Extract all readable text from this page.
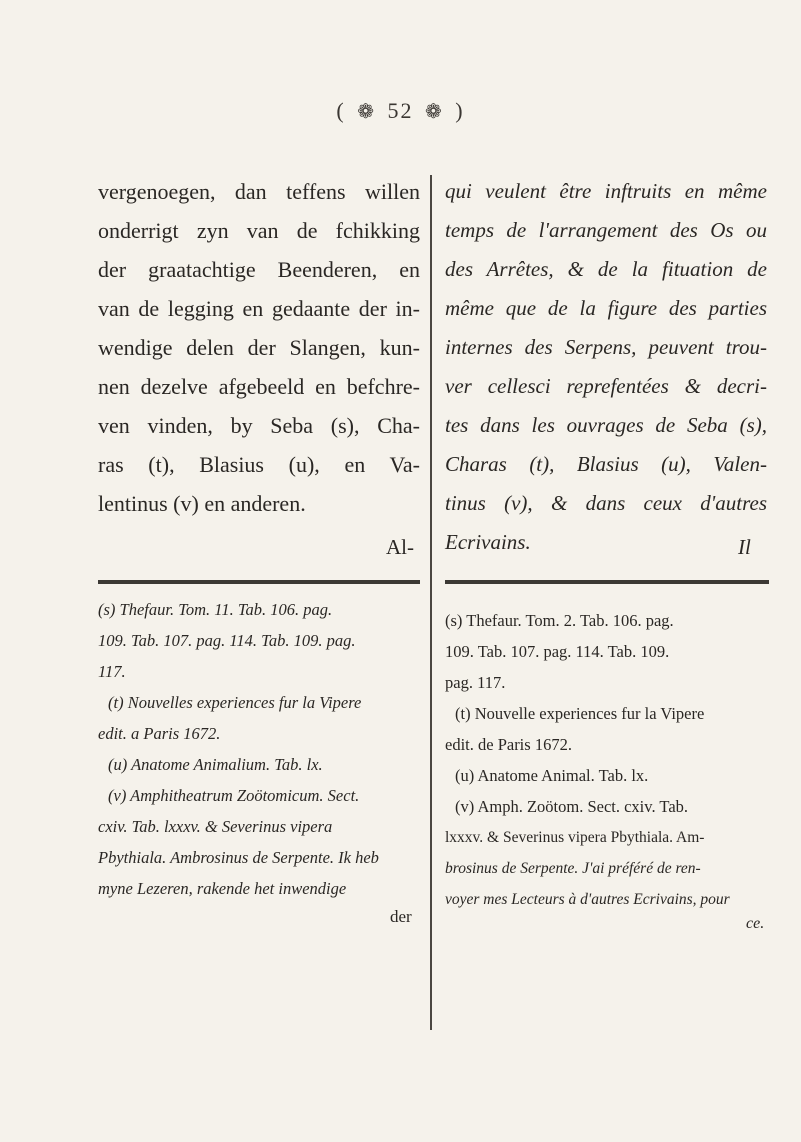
( ❁ 52 ❁ )
vergenoegen, dan teffens willen
onderrigt zyn van de fchikking
der graatachtige Beenderen, en
van de legging en gedaante der in-
wendige delen der Slangen, kun-
nen dezelve afgebeeld en befchre-
ven vinden, by Seba (s), Cha-
ras (t), Blasius (u), en Va-
lentinus (v) en anderen.
Al-
qui veulent être inftruits en même
temps de l'arrangement des Os ou
des Arrêtes, & de la fituation de
même que de la figure des parties
internes des Serpens, peuvent trou-
ver cellesci reprefentées & decri-
tes dans les ouvrages de Seba (s),
Charas (t), Blasius (u), Valen-
tinus (v), & dans ceux d'autres
Ecrivains.	Il
(s) Thefaur. Tom. 11. Tab. 106. pag.
109. Tab. 107. pag. 114. Tab. 109. pag.
117.
(t) Nouvelles experiences fur la Vipere
edit. a Paris 1672.
(u) Anatome Animalium. Tab. lx.
(v) Amphitheatrum Zoötomicum. Sect.
cxiv. Tab. lxxxv. & Severinus vipera
Pbythiala. Ambrosinus de Serpente. Ik heb
myne Lezeren, rakende het inwendige
der
(s) Thefaur. Tom. 2. Tab. 106. pag.
109. Tab. 107. pag. 114. Tab. 109.
pag. 117.
(t) Nouvelle experiences fur la Vipere
edit. de Paris 1672.
(u) Anatome Animal. Tab. lx.
(v) Amph. Zoötom. Sect. cxiv. Tab.
lxxxv. & Severinus vipera Pbythiala. Am-
brosinus de Serpente. J'ai préféré de ren-
voyer mes Lecteurs à d'autres Ecrivains, pour
ce.
